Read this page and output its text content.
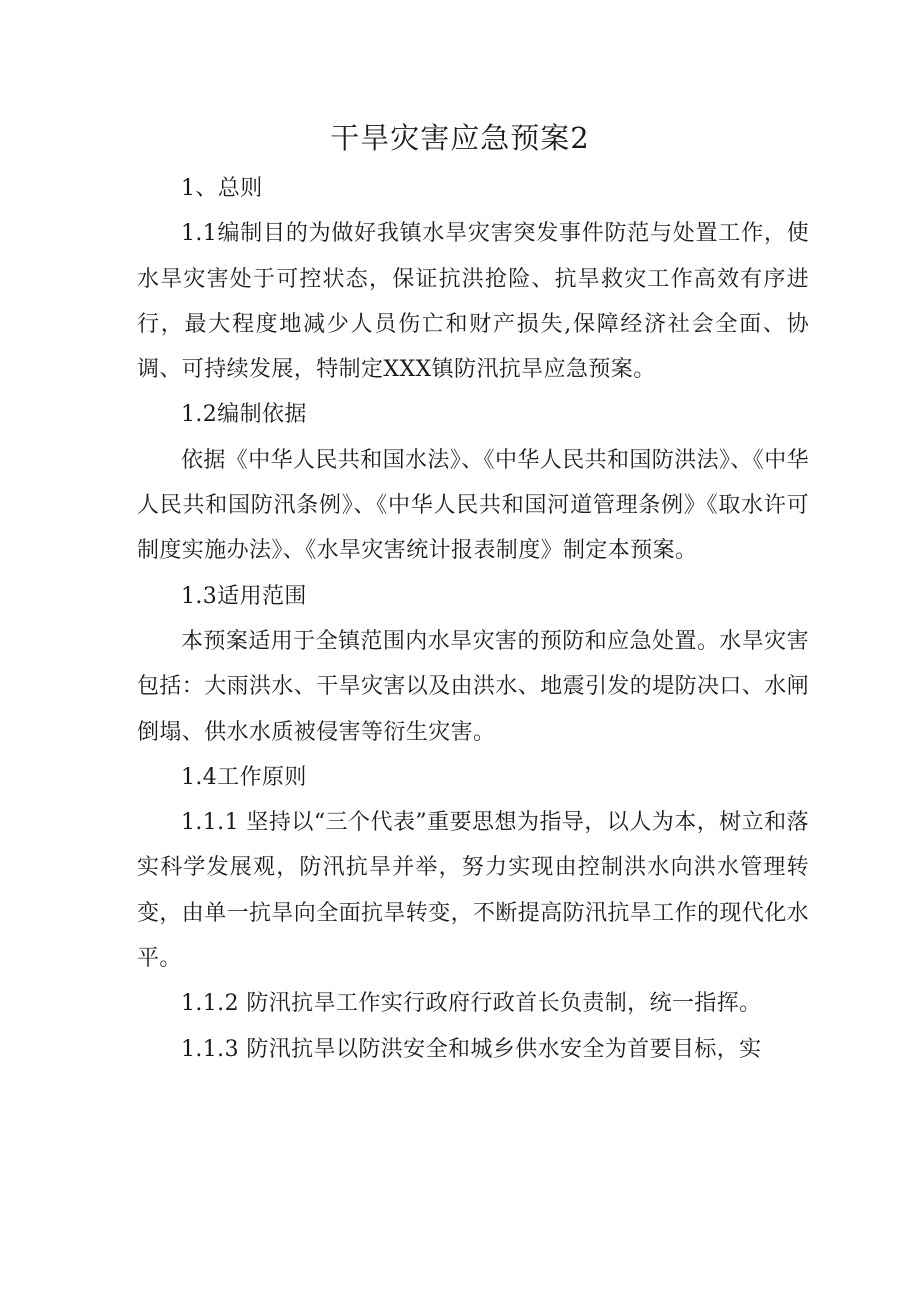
干旱灾害应急预案2

1、总则

1.1编制目的为做好我镇水旱灾害突发事件防范与处置工作，使水旱灾害处于可控状态，保证抗洪抢险、抗旱救灾工作高效有序进行，最大程度地减少人员伤亡和财产损失,保障经济社会全面、协调、可持续发展，特制定XXX镇防汛抗旱应急预案。

1.2编制依据

依据《中华人民共和国水法》、《中华人民共和国防洪法》、《中华人民共和国防汛条例》、《中华人民共和国河道管理条例》《取水许可制度实施办法》、《水旱灾害统计报表制度》制定本预案。

1.3适用范围

本预案适用于全镇范围内水旱灾害的预防和应急处置。水旱灾害包括：大雨洪水、干旱灾害以及由洪水、地震引发的堤防决口、水闸倒塌、供水水质被侵害等衍生灾害。

1.4工作原则

1.1.1 坚持以“三个代表”重要思想为指导，以人为本，树立和落实科学发展观，防汛抗旱并举，努力实现由控制洪水向洪水管理转变，由单一抗旱向全面抗旱转变，不断提高防汛抗旱工作的现代化水平。

1.1.2 防汛抗旱工作实行政府行政首长负责制，统一指挥。

1.1.3 防汛抗旱以防洪安全和城乡供水安全为首要目标，实
